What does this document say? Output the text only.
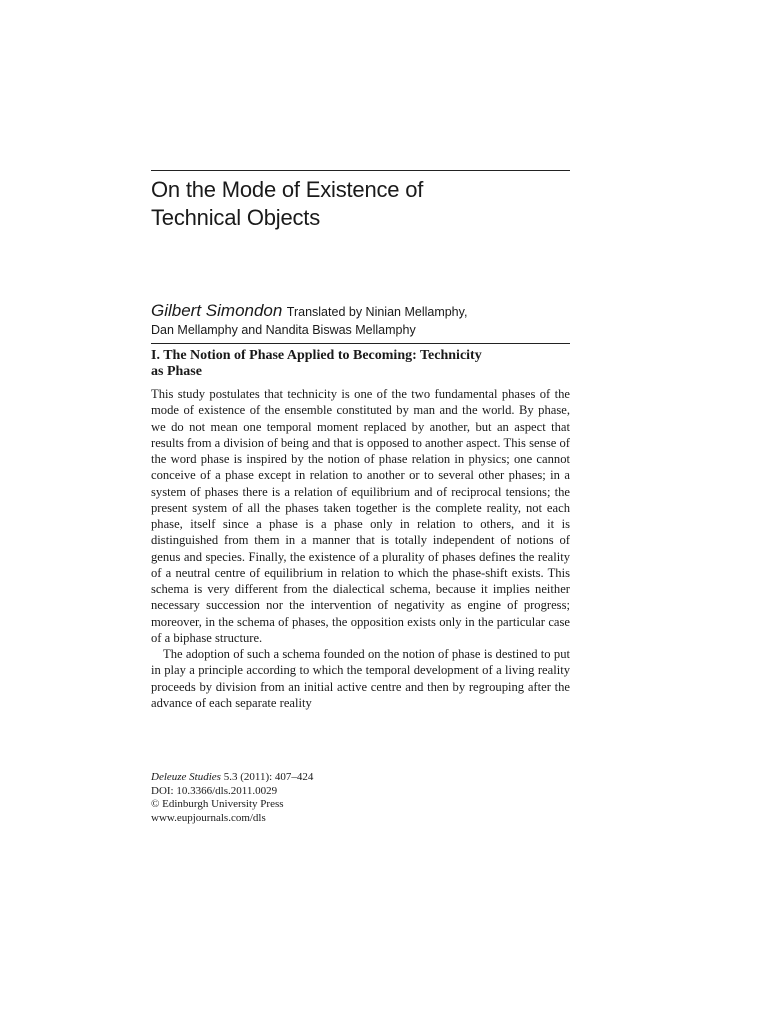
On the Mode of Existence of
Technical Objects
Gilbert Simondon Translated by Ninian Mellamphy,
Dan Mellamphy and Nandita Biswas Mellamphy
I. The Notion of Phase Applied to Becoming: Technicity
as Phase

This study postulates that technicity is one of the two fundamental phases of the mode of existence of the ensemble constituted by man and the world. By phase, we do not mean one temporal moment replaced by another, but an aspect that results from a division of being and that is opposed to another aspect. This sense of the word phase is inspired by the notion of phase relation in physics; one cannot conceive of a phase except in relation to another or to several other phases; in a system of phases there is a relation of equilibrium and of reciprocal tensions; the present system of all the phases taken together is the complete reality, not each phase, itself since a phase is a phase only in relation to others, and it is distinguished from them in a manner that is totally independent of notions of genus and species. Finally, the existence of a plurality of phases defines the reality of a neutral centre of equilibrium in relation to which the phase-shift exists. This schema is very different from the dialectical schema, because it implies neither necessary succession nor the intervention of negativity as engine of progress; moreover, in the schema of phases, the opposition exists only in the particular case of a biphase structure.

The adoption of such a schema founded on the notion of phase is destined to put in play a principle according to which the temporal development of a living reality proceeds by division from an initial active centre and then by regrouping after the advance of each separate reality

Deleuze Studies 5.3 (2011): 407–424
DOI: 10.3366/dls.2011.0029
© Edinburgh University Press
www.eupjournals.com/dls
